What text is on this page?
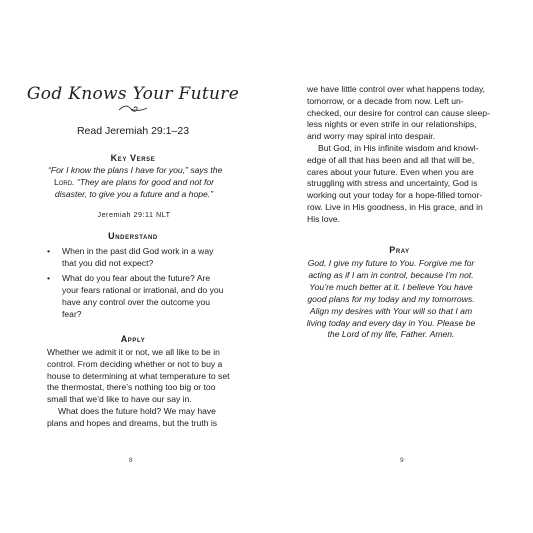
God Knows Your Future
Read Jeremiah 29:1–23
Key Verse
“For I know the plans I have for you,” says the
Lord. “They are plans for good and not for
disaster, to give you a future and a hope.”
Jeremiah 29:11 NLT
Understand
• When in the past did God work in a way that you did not expect?
• What do you fear about the future? Are your fears rational or irrational, and do you have any control over the outcome you fear?
Apply
Whether we admit it or not, we all like to be in
control. From deciding whether or not to buy a
house to determining at what temperature to set
the thermostat, there’s nothing too big or too
small that we’d like to have our say in.
What does the future hold? We may have
plans and hopes and dreams, but the truth is
8
we have little control over what happens today,
tomorrow, or a decade from now. Left un-
checked, our desire for control can cause sleep-
less nights or even strife in our relationships,
and worry may spiral into despair.
But God, in His infinite wisdom and knowl-
edge of all that has been and all that will be,
cares about your future. Even when you are
struggling with stress and uncertainty, God is
working out your today for a hope-filled tomor-
row. Live in His goodness, in His grace, and in
His love.
Pray
God, I give my future to You. Forgive me for
acting as if I am in control, because I’m not.
You’re much better at it. I believe You have
good plans for my today and my tomorrows.
Align my desires with Your will so that I am
living today and every day in You. Please be
the Lord of my life, Father. Amen.
9
